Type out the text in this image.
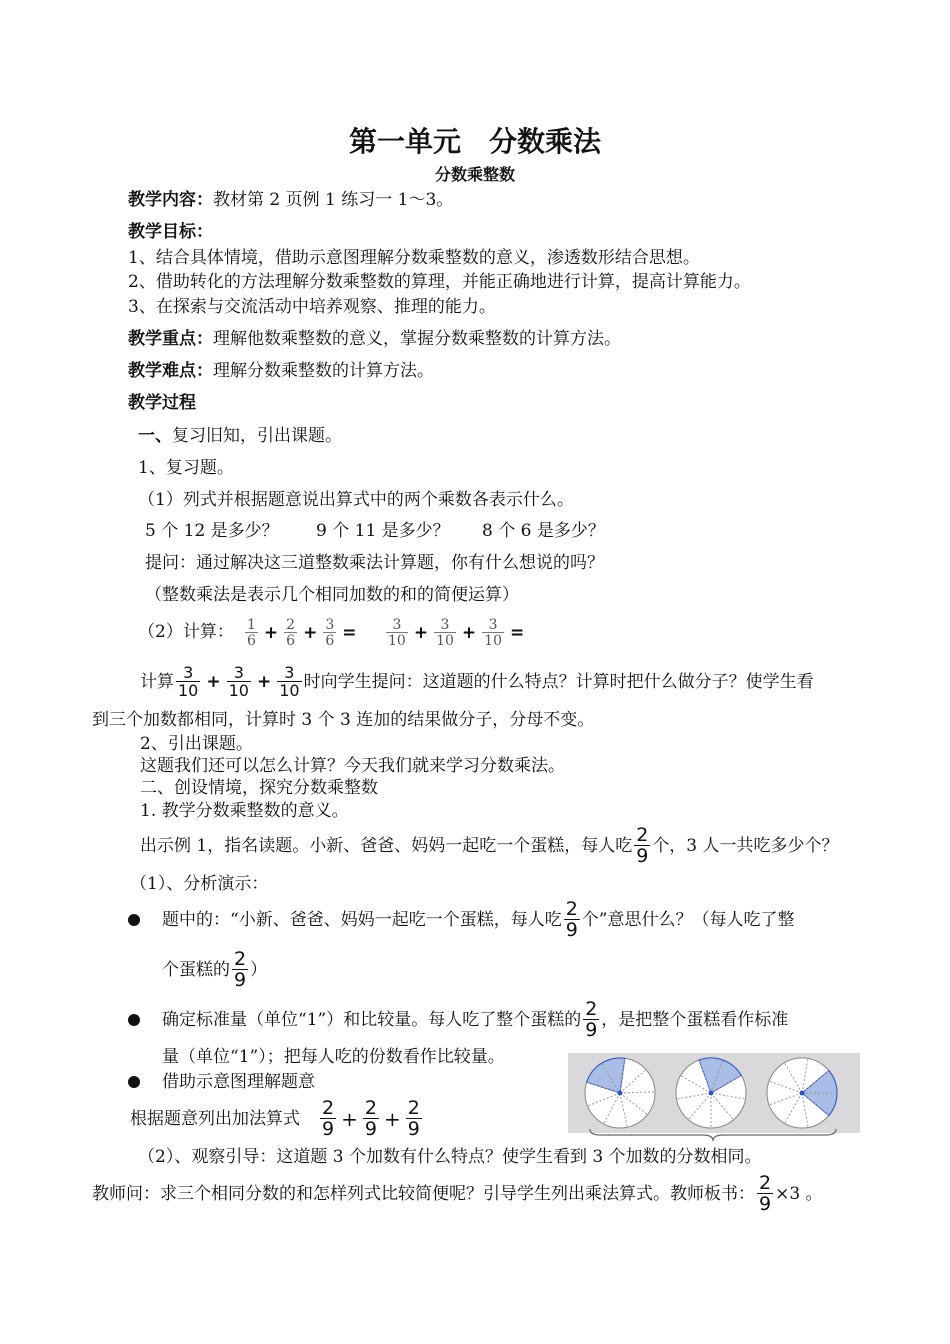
第一单元　分数乘法
分数乘整数
教学内容：教材第 2 页例 1 练习一 1～3。
教学目标：
1、结合具体情境，借助示意图理解分数乘整数的意义，渗透数形结合思想。
2、借助转化的方法理解分数乘整数的算理，并能正确地进行计算，提高计算能力。
3、在探索与交流活动中培养观察、推理的能力。
教学重点：理解他数乘整数的意义，掌握分数乘整数的计算方法。
教学难点：理解分数乘整数的计算方法。
教学过程
一、复习旧知，引出课题。
1、复习题。
（1）列式并根据题意说出算式中的两个乘数各表示什么。
5 个 12 是多少？ 9 个 11 是多少？ 8 个 6 是多少？
提问：通过解决这三道整数乘法计算题，你有什么想说的吗？
（整数乘法是表示几个相同加数的和的简便运算）
（2）计算： $\frac{1}{6} + \frac{2}{6} + \frac{3}{6} = \frac{3}{10} + \frac{3}{10} + \frac{3}{10}$ =
计算 $\frac{3}{10} + \frac{3}{10} + \frac{3}{10}$ 时向学生提问：这道题的什么特点？计算时把什么做分子？使学生看
到三个加数都相同，计算时 3 个 3 连加的结果做分子，分母不变。
2、引出课题。
这题我们还可以怎么计算？今天我们就来学习分数乘法。
二、创设情境，探究分数乘整数
1. 教学分数乘整数的意义。
出示例 1，指名读题。小新、爸爸、妈妈一起吃一个蛋糕，每人吃 $\frac{2}{9}$ 个，3 人一共吃多少个？
（1）、分析演示：
题中的：“小新、爸爸、妈妈一起吃一个蛋糕，每人吃 $\frac{2}{9}$ 个”意思什么？（每人吃了整
个蛋糕的 $\frac{2}{9}$ ）
确定标准量（单位“1”）和比较量。每人吃了整个蛋糕的 $\frac{2}{9}$ ，是把整个蛋糕看作标准
量（单位“1”）；把每人吃的份数看作比较量。
借助示意图理解题意
根据题意列出加法算式 $\frac{2}{9} + \frac{2}{9} + \frac{2}{9}$
（2）、观察引导：这道题 3 个加数有什么特点？使学生看到 3 个加数的分数相同。
教师问：求三个相同分数的和怎样列式比较简便呢？引导学生列出乘法算式。教师板书： $\frac{2}{9} \times 3$ 。
